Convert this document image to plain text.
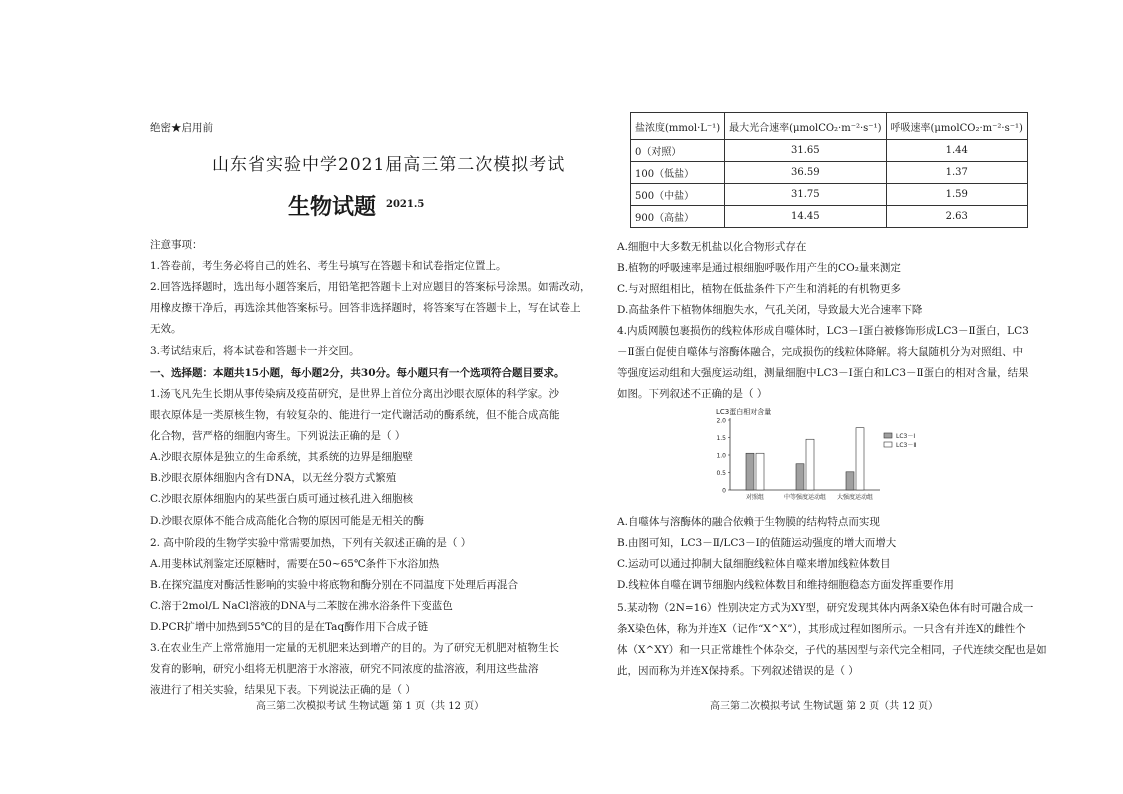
绝密★启用前
山东省实验中学2021届高三第二次模拟考试
生物试题 2021.5
注意事项：
1.答卷前，考生务必将自己的姓名、考生号填写在答题卡和试卷指定位置上。
2.回答选择题时，选出每小题答案后，用铅笔把答题卡上对应题目的答案标号涂黑。如需改动，
用橡皮擦干净后，再选涂其他答案标号。回答非选择题时，将答案写在答题卡上，写在试卷上
无效。
3.考试结束后，将本试卷和答题卡一并交回。
一、选择题：本题共15小题，每小题2分，共30分。每小题只有一个选项符合题目要求。
1.汤飞凡先生长期从事传染病及疫苗研究，是世界上首位分离出沙眼衣原体的科学家。沙
眼衣原体是一类原核生物，有较复杂的、能进行一定代谢活动的酶系统，但不能合成高能
化合物，营严格的细胞内寄生。下列说法正确的是（ ）
A.沙眼衣原体是独立的生命系统，其系统的边界是细胞壁
B.沙眼衣原体细胞内含有DNA，以无丝分裂方式繁殖
C.沙眼衣原体细胞内的某些蛋白质可通过核孔进入细胞核
D.沙眼衣原体不能合成高能化合物的原因可能是无相关的酶
2. 高中阶段的生物学实验中常需要加热，下列有关叙述正确的是（ ）
A.用斐林试剂鉴定还原糖时，需要在50~65℃条件下水浴加热
B.在探究温度对酶活性影响的实验中将底物和酶分别在不同温度下处理后再混合
C.溶于2mol/L NaCl溶液的DNA与二苯胺在沸水浴条件下变蓝色
D.PCR扩增中加热到55℃的目的是在Taq酶作用下合成子链
3.在农业生产上常常施用一定量的无机肥来达到增产的目的。为了研究无机肥对植物生长
发育的影响，研究小组将无机肥溶于水溶液，研究不同浓度的盐溶液，利用这些盐溶
液进行了相关实验，结果见下表。下列说法正确的是（ ）
高三第二次模拟考试 生物试题 第 1 页（共 12 页）
盐浓度(mmol·L⁻¹)	最大光合速率(μmolCO₂·m⁻²·s⁻¹)	呼吸速率(μmolCO₂·m⁻²·s⁻¹)
0（对照）	31.65	1.44
100（低盐）	36.59	1.37
500（中盐）	31.75	1.59
900（高盐）	14.45	2.63
A.细胞中大多数无机盐以化合物形式存在
B.植物的呼吸速率是通过根细胞呼吸作用产生的CO₂量来测定
C.与对照组相比，植物在低盐条件下产生和消耗的有机物更多
D.高盐条件下植物体细胞失水，气孔关闭，导致最大光合速率下降
4.内质网膜包裹损伤的线粒体形成自噬体时，LC3－Ⅰ蛋白被修饰形成LC3－Ⅱ蛋白，LC3
－Ⅱ蛋白促使自噬体与溶酶体融合，完成损伤的线粒体降解。将大鼠随机分为对照组、中
等强度运动组和大强度运动组，测量细胞中LC3－Ⅰ蛋白和LC3－Ⅱ蛋白的相对含量，结果
如图。下列叙述不正确的是（ ）
LC3蛋白相对含量
0
0.5
1.0
1.5
2.0
对照组	中等强度运动组 大强度运动组
LC3－Ⅰ
LC3－Ⅱ
A.自噬体与溶酶体的融合依赖于生物膜的结构特点而实现
B.由图可知，LC3－Ⅱ/LC3－Ⅰ的值随运动强度的增大而增大
C.运动可以通过抑制大鼠细胞线粒体自噬来增加线粒体数目
D.线粒体自噬在调节细胞内线粒体数目和维持细胞稳态方面发挥重要作用
5.某动物（2N=16）性别决定方式为XY型，研究发现其体内两条X染色体有时可融合成一
条X染色体，称为并连X（记作“X^X”），其形成过程如图所示。一只含有并连X的雌性个
体（X^XY）和一只正常雄性个体杂交，子代的基因型与亲代完全相同，子代连续交配也是如
此，因而称为并连X保持系。下列叙述错误的是（ ）
高三第二次模拟考试 生物试题 第 2 页（共 12 页）
